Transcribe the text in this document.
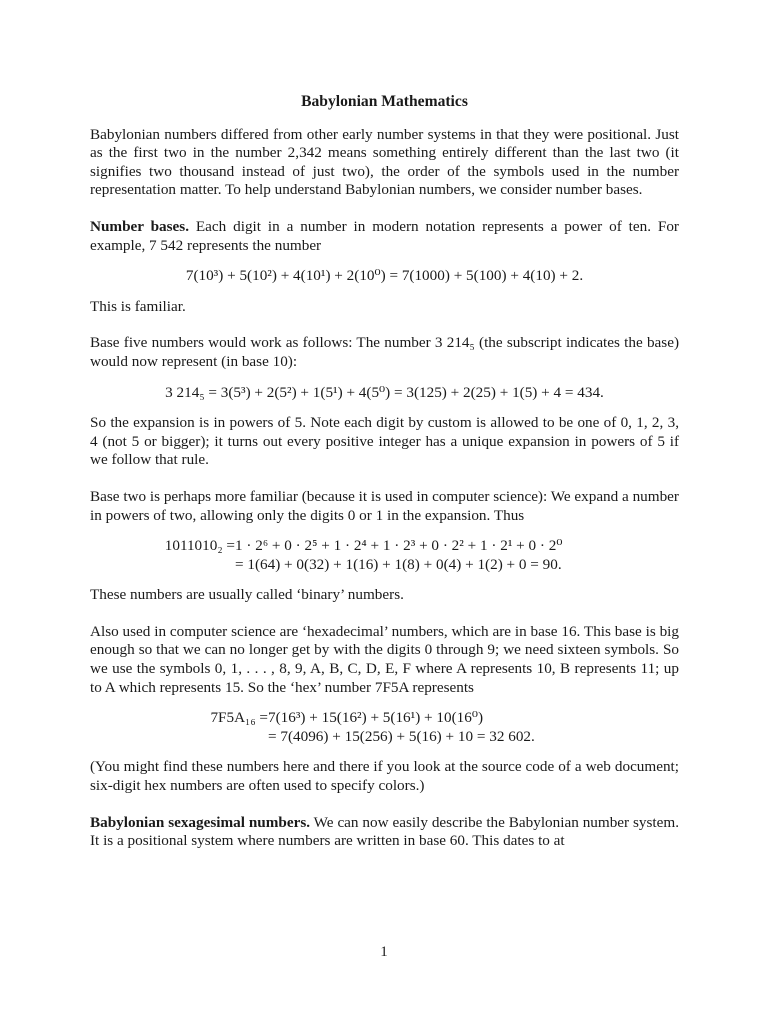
Babylonian Mathematics

Babylonian numbers differed from other early number systems in that they were positional. Just as the first two in the number 2,342 means something entirely different than the last two (it signifies two thousand instead of just two), the order of the symbols used in the number representation matter. To help understand Babylonian numbers, we consider number bases.

Number bases. Each digit in a number in modern notation represents a power of ten. For example, 7 542 represents the number

7(10³) + 5(10²) + 4(10¹) + 2(10⁰) = 7(1000) + 5(100) + 4(10) + 2.

This is familiar.

Base five numbers would work as follows: The number 3 214₅ (the subscript indicates the base) would now represent (in base 10):

3 214₅ = 3(5³) + 2(5²) + 1(5¹) + 4(5⁰) = 3(125) + 2(25) + 1(5) + 4 = 434.

So the expansion is in powers of 5. Note each digit by custom is allowed to be one of 0, 1, 2, 3, 4 (not 5 or bigger); it turns out every positive integer has a unique expansion in powers of 5 if we follow that rule.

Base two is perhaps more familiar (because it is used in computer science): We expand a number in powers of two, allowing only the digits 0 or 1 in the expansion. Thus

1011010₂ = 1 · 2⁶ + 0 · 2⁵ + 1 · 2⁴ + 1 · 2³ + 0 · 2² + 1 · 2¹ + 0 · 2⁰
= 1(64) + 0(32) + 1(16) + 1(8) + 0(4) + 1(2) + 0 = 90.

These numbers are usually called ‘binary’ numbers.

Also used in computer science are ‘hexadecimal’ numbers, which are in base 16. This base is big enough so that we can no longer get by with the digits 0 through 9; we need sixteen symbols. So we use the symbols 0, 1, . . . , 8, 9, A, B, C, D, E, F where A represents 10, B represents 11; up to A which represents 15. So the ‘hex’ number 7F5A represents

7F5A₁₆ = 7(16³) + 15(16²) + 5(16¹) + 10(16⁰)
= 7(4096) + 15(256) + 5(16) + 10 = 32 602.

(You might find these numbers here and there if you look at the source code of a web document; six-digit hex numbers are often used to specify colors.)

Babylonian sexagesimal numbers. We can now easily describe the Babylonian number system. It is a positional system where numbers are written in base 60. This dates to at

1
